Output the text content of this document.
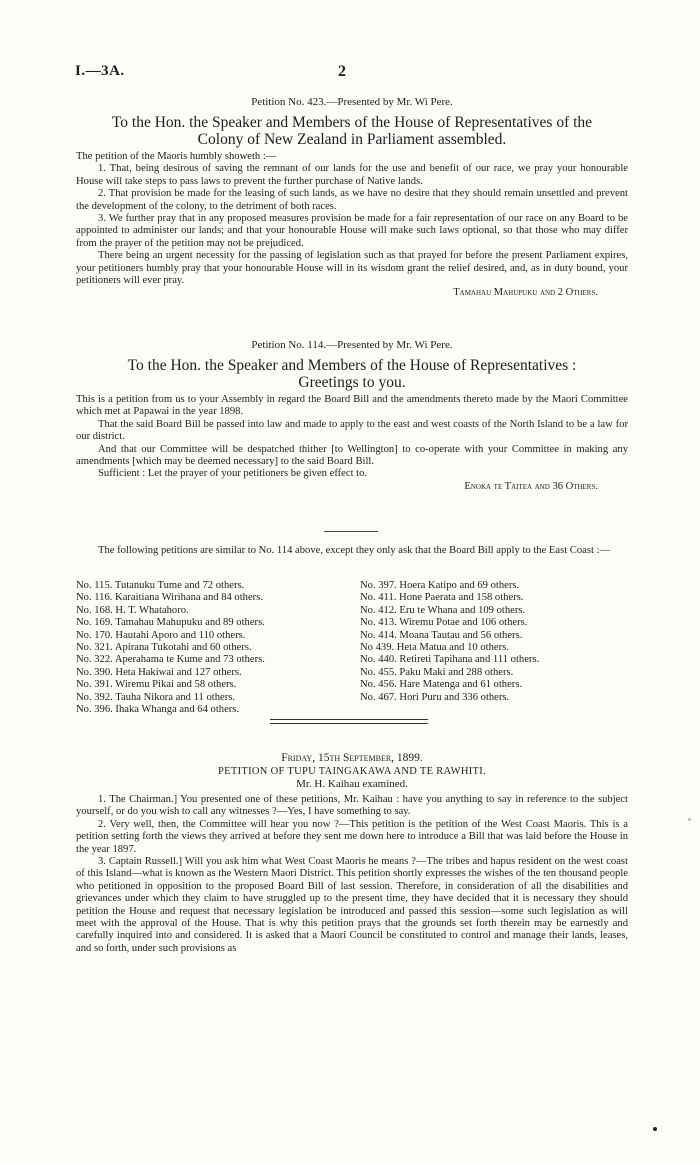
I.—3A.	2

Petition No. 423.—Presented by Mr. Wi Pere.

To the Hon. the Speaker and Members of the House of Representatives of the

Colony of New Zealand in Parliament assembled.

The petition of the Maoris humbly showeth :—

1. That, being desirous of saving the remnant of our lands for the use and benefit of our race, we pray your honourable House will take steps to pass laws to prevent the further purchase of Native lands.

2. That provision be made for the leasing of such lands, as we have no desire that they should remain unsettled and prevent the development of the colony, to the detriment of both races.

3. We further pray that in any proposed measures provision be made for a fair representation of our race on any Board to be appointed to administer our lands; and that your honourable House will make such laws optional, so that those who may differ from the prayer of the petition may not be prejudiced.

There being an urgent necessity for the passing of legislation such as that prayed for before the present Parliament expires, your petitioners humbly pray that your honourable House will in its wisdom grant the relief desired, and, as in duty bound, your petitioners will ever pray.

Tamahau Mahupuku and 2 Others.

Petition No. 114.—Presented by Mr. Wi Pere.

To the Hon. the Speaker and Members of the House of Representatives :

Greetings to you.

This is a petition from us to your Assembly in regard the Board Bill and the amendments thereto made by the Maori Committee which met at Papawai in the year 1898.

That the said Board Bill be passed into law and made to apply to the east and west coasts of the North Island to be a law for our district.

And that our Committee will be despatched thither [to Wellington] to co-operate with your Committee in making any amendments [which may be deemed necessary] to the said Board Bill.

Sufficient : Let the prayer of your petitioners be given effect to.

Enoka te Taitea and 36 Others.

The following petitions are similar to No. 114 above, except they only ask that the Board Bill apply to the East Coast :—

No. 115. Tutanuku Tume and 72 others.
No. 116. Karaitiana Wirihana and 84 others.
No. 168. H. T. Whatahoro.
No. 169. Tamahau Mahupuku and 89 others.
No. 170. Hautahi Aporo and 110 others.
No. 321. Apirana Tukotahi and 60 others.
No. 322. Aperahama te Kume and 73 others.
No. 390. Heta Hakiwai and 127 others.
No. 391. Wiremu Pikai and 58 others.
No. 392. Tauha Nikora and 11 others.
No. 396. Ihaka Whanga and 64 others.
No. 397. Hoera Katipo and 69 others.
No. 411. Hone Paerata and 158 others.
No. 412. Eru te Whana and 109 others.
No. 413. Wiremu Potae and 106 others.
No. 414. Moana Tautau and 56 others.
No 439. Heta Matua and 10 others.
No. 440. Retireti Tapihana and 111 others.
No. 455. Paku Maki and 288 others.
No. 456. Hare Matenga and 61 others.
No. 467. Hori Puru and 336 others.

Friday, 15th September, 1899.

PETITION OF TUPU TAINGAKAWA AND TE RAWHITI.

Mr. H. Kaihau examined.

1. The Chairman.] You presented one of these petitions, Mr. Kaihau : have you anything to say in reference to the subject yourself, or do you wish to call any witnesses ?—Yes, I have something to say.

2. Very well, then, the Committee will hear you now ?—This petition is the petition of the West Coast Maoris. This is a petition setting forth the views they arrived at before they sent me down here to introduce a Bill that was laid before the House in the year 1897.

3. Captain Russell.] Will you ask him what West Coast Maoris he means ?—The tribes and hapus resident on the west coast of this Island—what is known as the Western Maori District. This petition shortly expresses the wishes of the ten thousand people who petitioned in opposition to the proposed Board Bill of last session. Therefore, in consideration of all the disabilities and grievances under which they claim to have struggled up to the present time, they have decided that it is necessary they should petition the House and request that necessary legislation be introduced and passed this session—some such legislation as will meet with the approval of the House. That is why this petition prays that the grounds set forth therein may be earnestly and carefully inquired into and considered. It is asked that a Maori Council be constituted to control and manage their lands, leases, and so forth, under such provisions as
